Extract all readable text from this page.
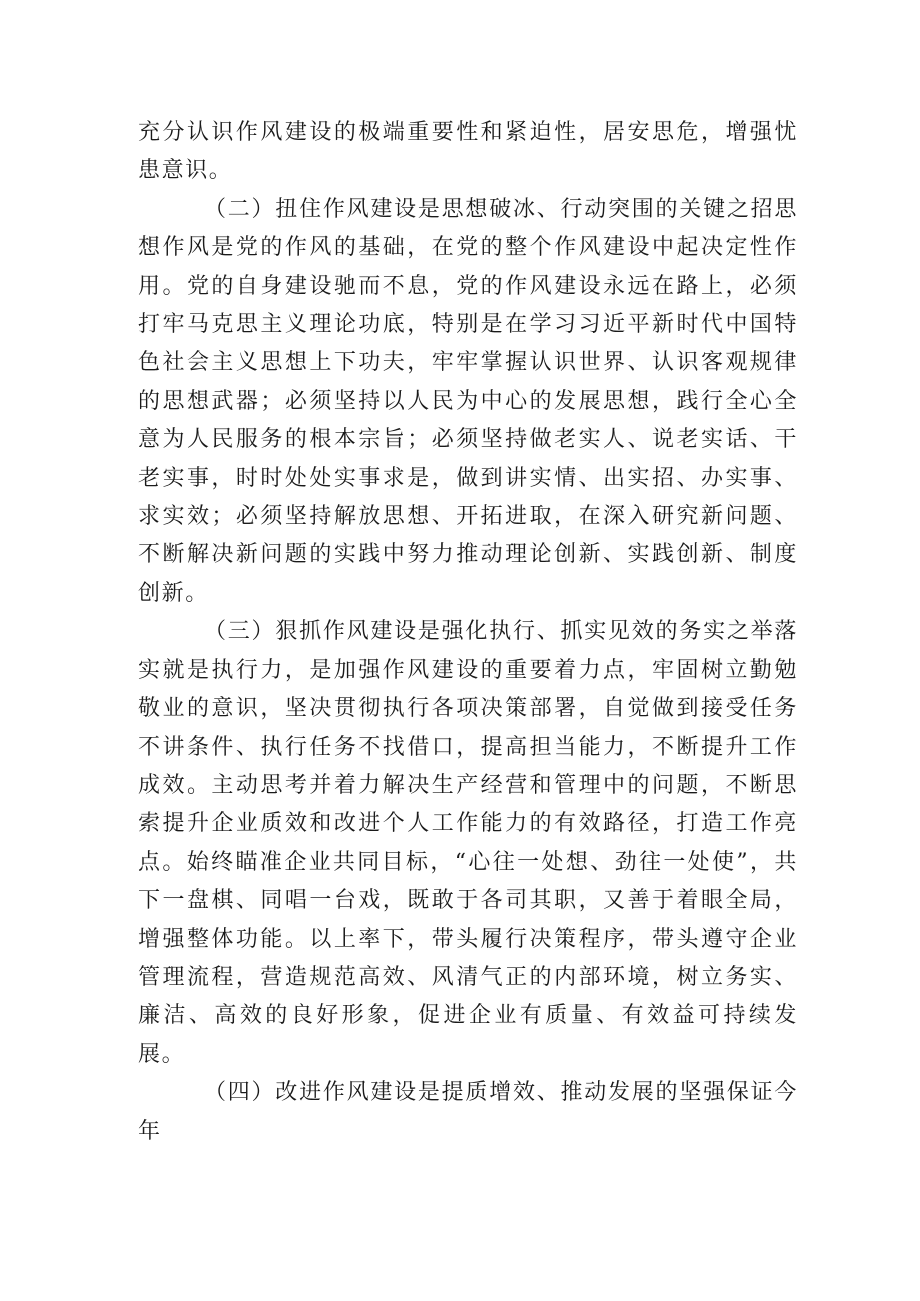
充分认识作风建设的极端重要性和紧迫性，居安思危，增强忧患意识。

（二）扭住作风建设是思想破冰、行动突围的关键之招思想作风是党的作风的基础，在党的整个作风建设中起决定性作用。党的自身建设驰而不息，党的作风建设永远在路上，必须打牢马克思主义理论功底，特别是在学习习近平新时代中国特色社会主义思想上下功夫，牢牢掌握认识世界、认识客观规律的思想武器；必须坚持以人民为中心的发展思想，践行全心全意为人民服务的根本宗旨；必须坚持做老实人、说老实话、干老实事，时时处处实事求是，做到讲实情、出实招、办实事、求实效；必须坚持解放思想、开拓进取，在深入研究新问题、不断解决新问题的实践中努力推动理论创新、实践创新、制度创新。

（三）狠抓作风建设是强化执行、抓实见效的务实之举落实就是执行力，是加强作风建设的重要着力点，牢固树立勤勉敬业的意识，坚决贯彻执行各项决策部署，自觉做到接受任务不讲条件、执行任务不找借口，提高担当能力，不断提升工作成效。主动思考并着力解决生产经营和管理中的问题，不断思索提升企业质效和改进个人工作能力的有效路径，打造工作亮点。始终瞄准企业共同目标，“心往一处想、劲往一处使”，共下一盘棋、同唱一台戏，既敢于各司其职，又善于着眼全局，增强整体功能。以上率下，带头履行决策程序，带头遵守企业管理流程，营造规范高效、风清气正的内部环境，树立务实、廉洁、高效的良好形象，促进企业有质量、有效益可持续发展。

（四）改进作风建设是提质增效、推动发展的坚强保证今年
